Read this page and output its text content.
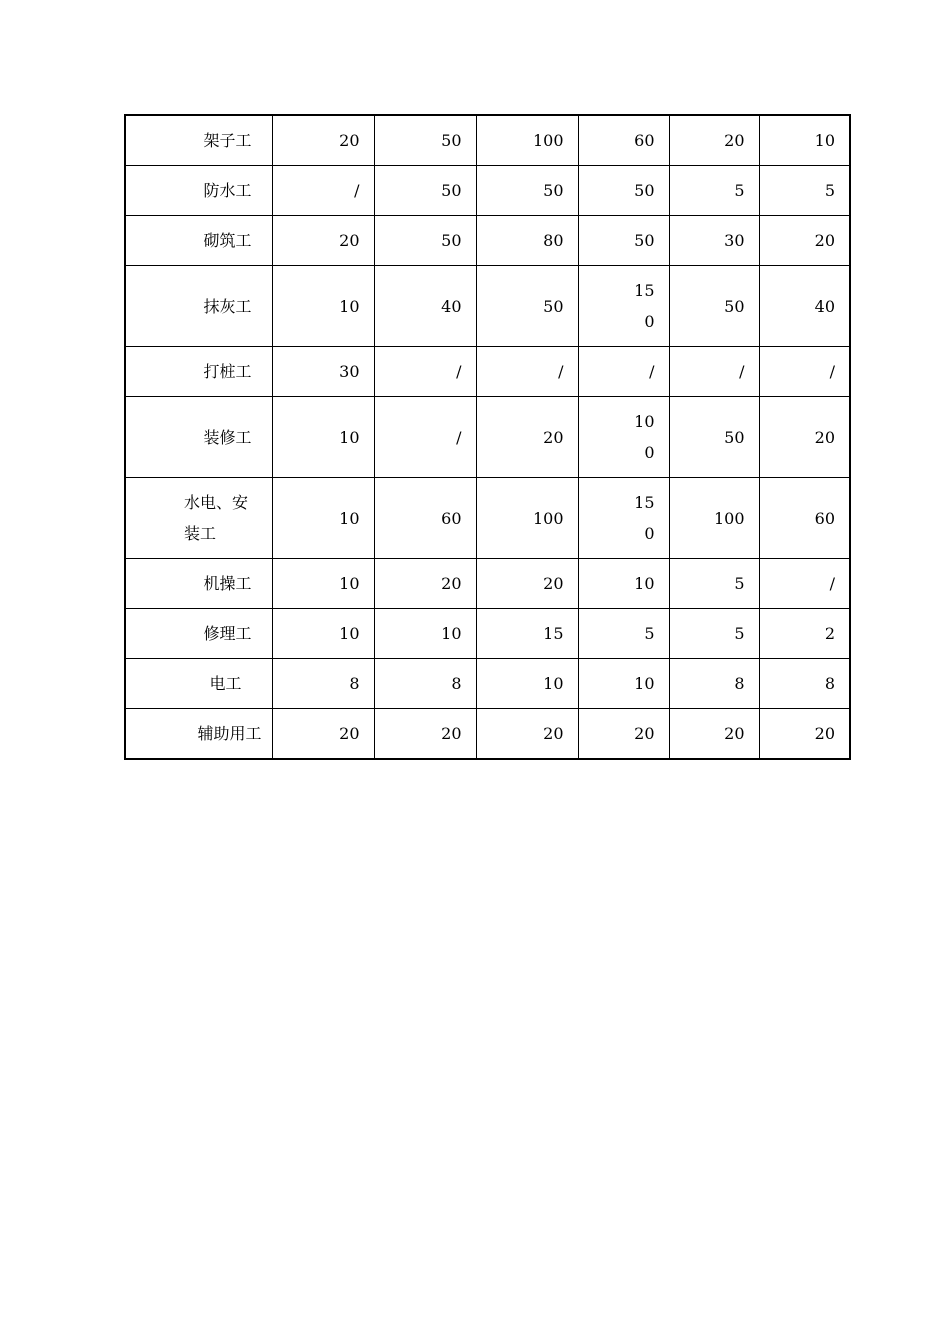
架子工	20	50	100	60	20	10
防水工	/	50	50	50	5	5
砌筑工	20	50	80	50	30	20
抹灰工	10	40	50	150	50	40
打桩工	30	/	/	/	/	/
装修工	10	/	20	100	50	20
水电、安装工	10	60	100	150	100	60
机操工	10	20	20	10	5	/
修理工	10	10	15	5	5	2
电工	8	8	10	10	8	8
辅助用工	20	20	20	20	20	20
